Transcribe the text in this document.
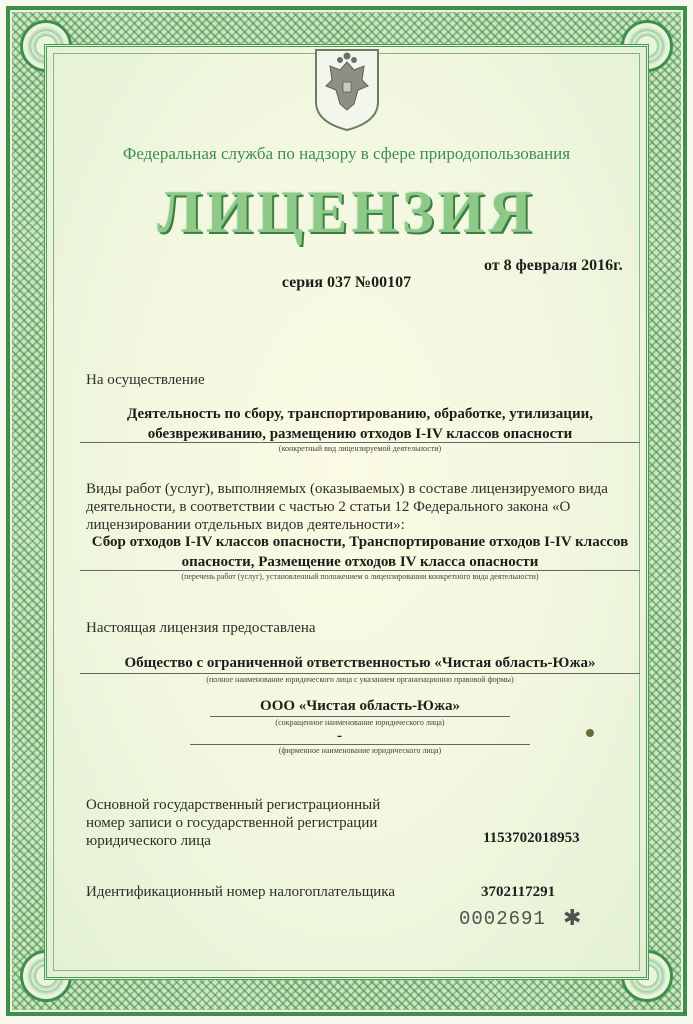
Федеральная служба по надзору в сфере природопользования
ЛИЦЕНЗИЯ
от 8 февраля 2016г.
серия 037 №00107
На осуществление
Деятельность по сбору, транспортированию, обработке, утилизации, обезвреживанию, размещению отходов I-IV классов опасности
(конкретный вид лицензируемой деятельности)
Виды работ (услуг), выполняемых (оказываемых) в составе лицензируемого вида деятельности, в соответствии с частью 2 статьи 12 Федерального закона «О лицензировании отдельных видов деятельности»:
Сбор отходов I-IV классов опасности, Транспортирование отходов I-IV классов опасности, Размещение отходов IV класса опасности
(перечень работ (услуг), установленный положением о лицензировании конкретного вида деятельности)
Настоящая лицензия предоставлена
Общество с ограниченной ответственностью «Чистая область-Южа»
(полное наименование юридического лица с указанием организационно правовой формы)
ООО «Чистая область-Южа»
(сокращенное наименование юридического лица)
-
(фирменное наименование юридического лица)
Основной государственный регистрационный номер записи о государственной регистрации юридического лица	1153702018953
Идентификационный номер налогоплательщика	3702117291
0002691 ✱
